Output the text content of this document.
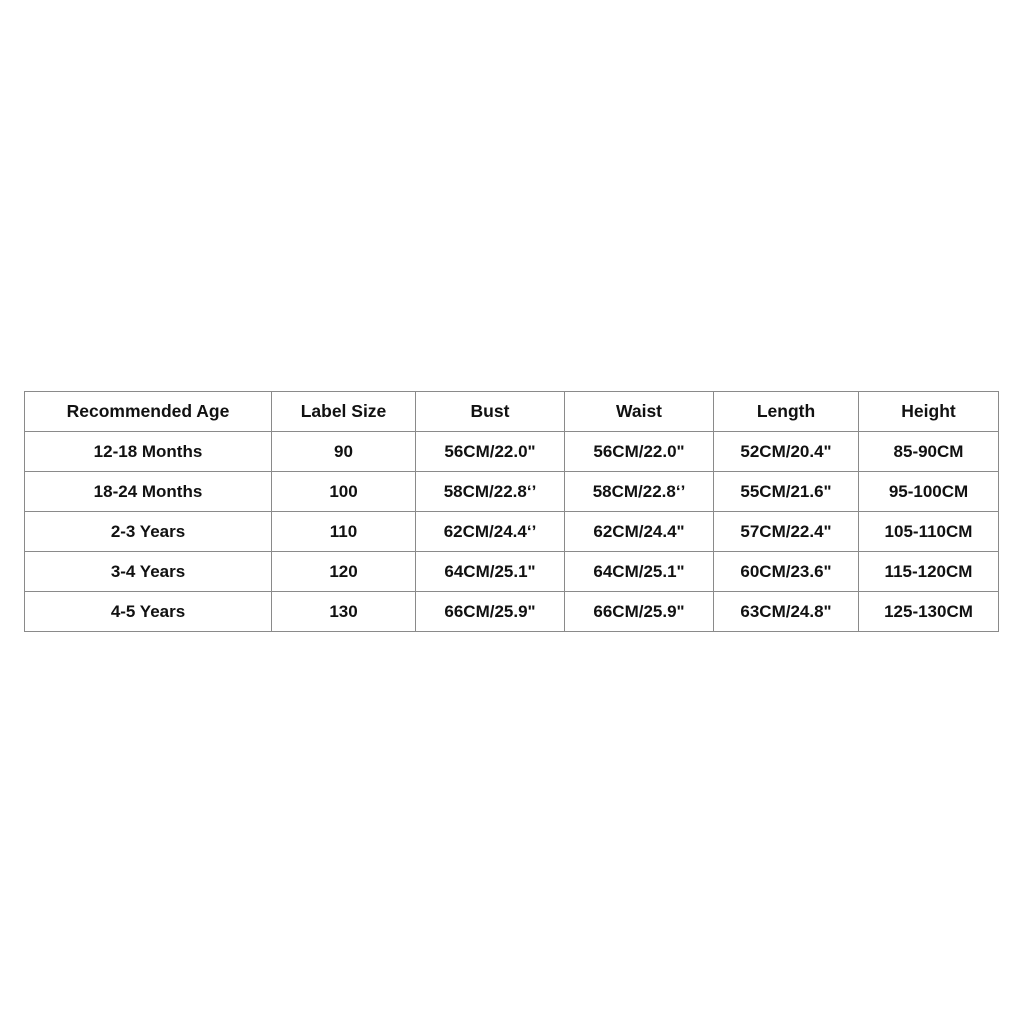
Recommended Age	Label Size	Bust	Waist	Length	Height
12-18 Months	90	56CM/22.0"	56CM/22.0"	52CM/20.4"	85-90CM
18-24 Months	100	58CM/22.8‘’	58CM/22.8‘’	55CM/21.6"	95-100CM
2-3 Years	110	62CM/24.4‘’	62CM/24.4"	57CM/22.4"	105-110CM
3-4 Years	120	64CM/25.1"	64CM/25.1"	60CM/23.6"	115-120CM
4-5 Years	130	66CM/25.9"	66CM/25.9"	63CM/24.8"	125-130CM
